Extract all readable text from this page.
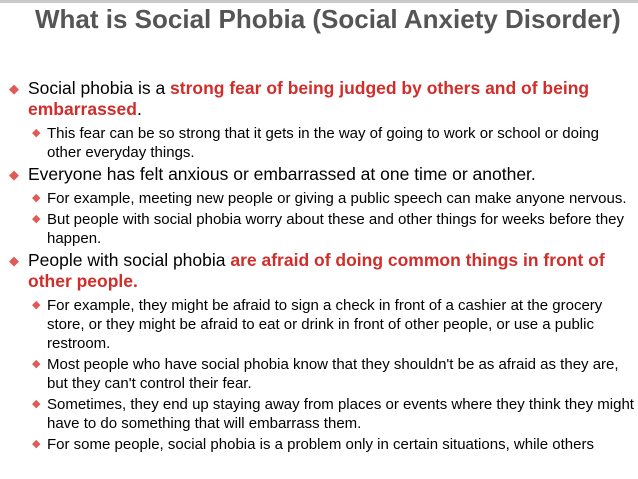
What is Social Phobia (Social Anxiety Disorder)
◆ Social phobia is a strong fear of being judged by others and of being embarrassed.
◆ This fear can be so strong that it gets in the way of going to work or school or doing other everyday things.
◆ Everyone has felt anxious or embarrassed at one time or another.
◆ For example, meeting new people or giving a public speech can make anyone nervous.
◆ But people with social phobia worry about these and other things for weeks before they happen.
◆ People with social phobia are afraid of doing common things in front of other people.
◆ For example, they might be afraid to sign a check in front of a cashier at the grocery store, or they might be afraid to eat or drink in front of other people, or use a public restroom.
◆ Most people who have social phobia know that they shouldn't be as afraid as they are, but they can't control their fear.
◆ Sometimes, they end up staying away from places or events where they think they might have to do something that will embarrass them.
◆ For some people, social phobia is a problem only in certain situations, while others
